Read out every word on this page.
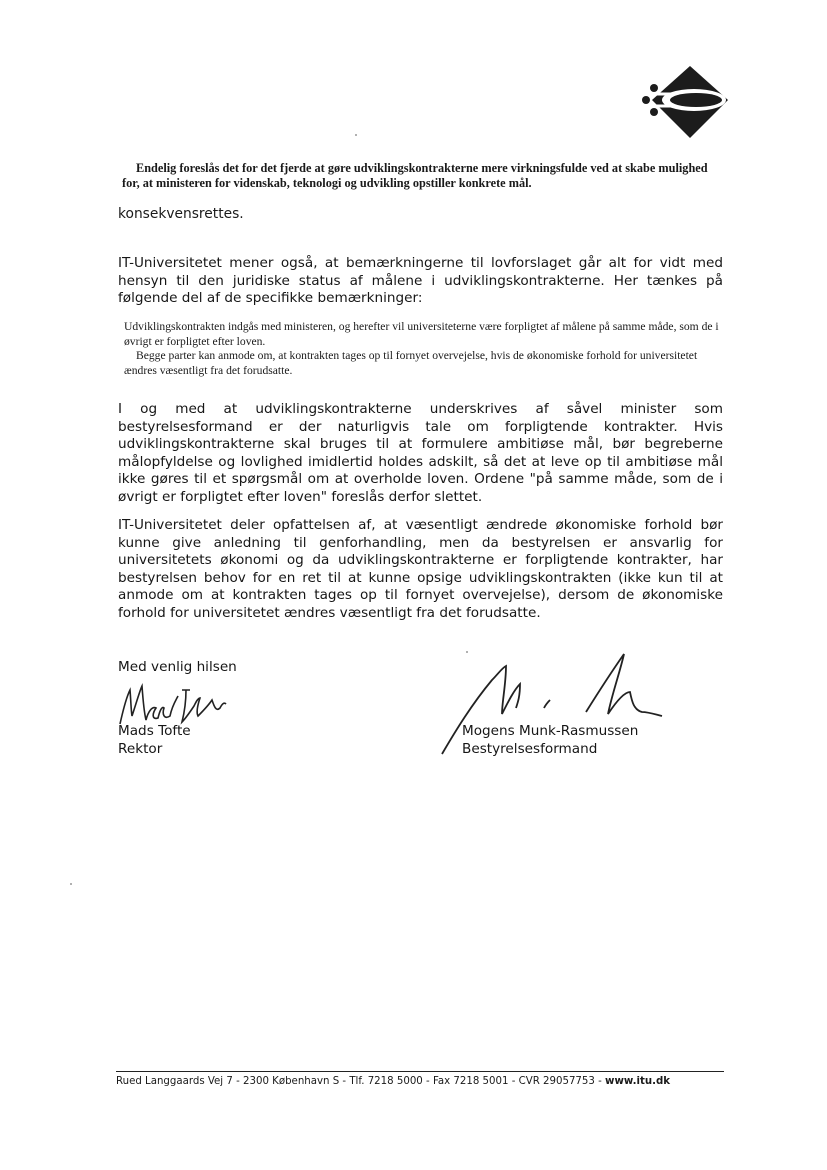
Endelig foreslås det for det fjerde at gøre udviklingskontrakterne mere virkningsfulde ved at skabe mulighed for, at ministeren for videnskab, teknologi og udvikling opstiller konkrete mål.
konsekvensrettes.
IT-Universitetet mener også, at bemærkningerne til lovforslaget går alt for vidt med hensyn til den juridiske status af målene i udviklingskontrakterne. Her tænkes på følgende del af de specifikke bemærkninger:
Udviklingskontrakten indgås med ministeren, og herefter vil universiteterne være forpligtet af målene på samme måde, som de i øvrigt er forpligtet efter loven.
Begge parter kan anmode om, at kontrakten tages op til fornyet overvejelse, hvis de økonomiske forhold for universitetet ændres væsentligt fra det forudsatte.
I og med at udviklingskontrakterne underskrives af såvel minister som bestyrelsesformand er der naturligvis tale om forpligtende kontrakter. Hvis udviklingskontrakterne skal bruges til at formulere ambitiøse mål, bør begreberne målopfyldelse og lovlighed imidlertid holdes adskilt, så det at leve op til ambitiøse mål ikke gøres til et spørgsmål om at overholde loven. Ordene "på samme måde, som de i øvrigt er forpligtet efter loven" foreslås derfor slettet.
IT-Universitetet deler opfattelsen af, at væsentligt ændrede økonomiske forhold bør kunne give anledning til genforhandling, men da bestyrelsen er ansvarlig for universitetets økonomi og da udviklingskontrakterne er forpligtende kontrakter, har bestyrelsen behov for en ret til at kunne opsige udviklingskontrakten (ikke kun til at anmode om at kontrakten tages op til fornyet overvejelse), dersom de økonomiske forhold for universitetet ændres væsentligt fra det forudsatte.
Med venlig hilsen
Mads Tofte
Rektor
Mogens Munk-Rasmussen
Bestyrelsesformand
Rued Langgaards Vej 7 - 2300 København S - Tlf. 7218 5000 - Fax 7218 5001 - CVR 29057753 - www.itu.dk
